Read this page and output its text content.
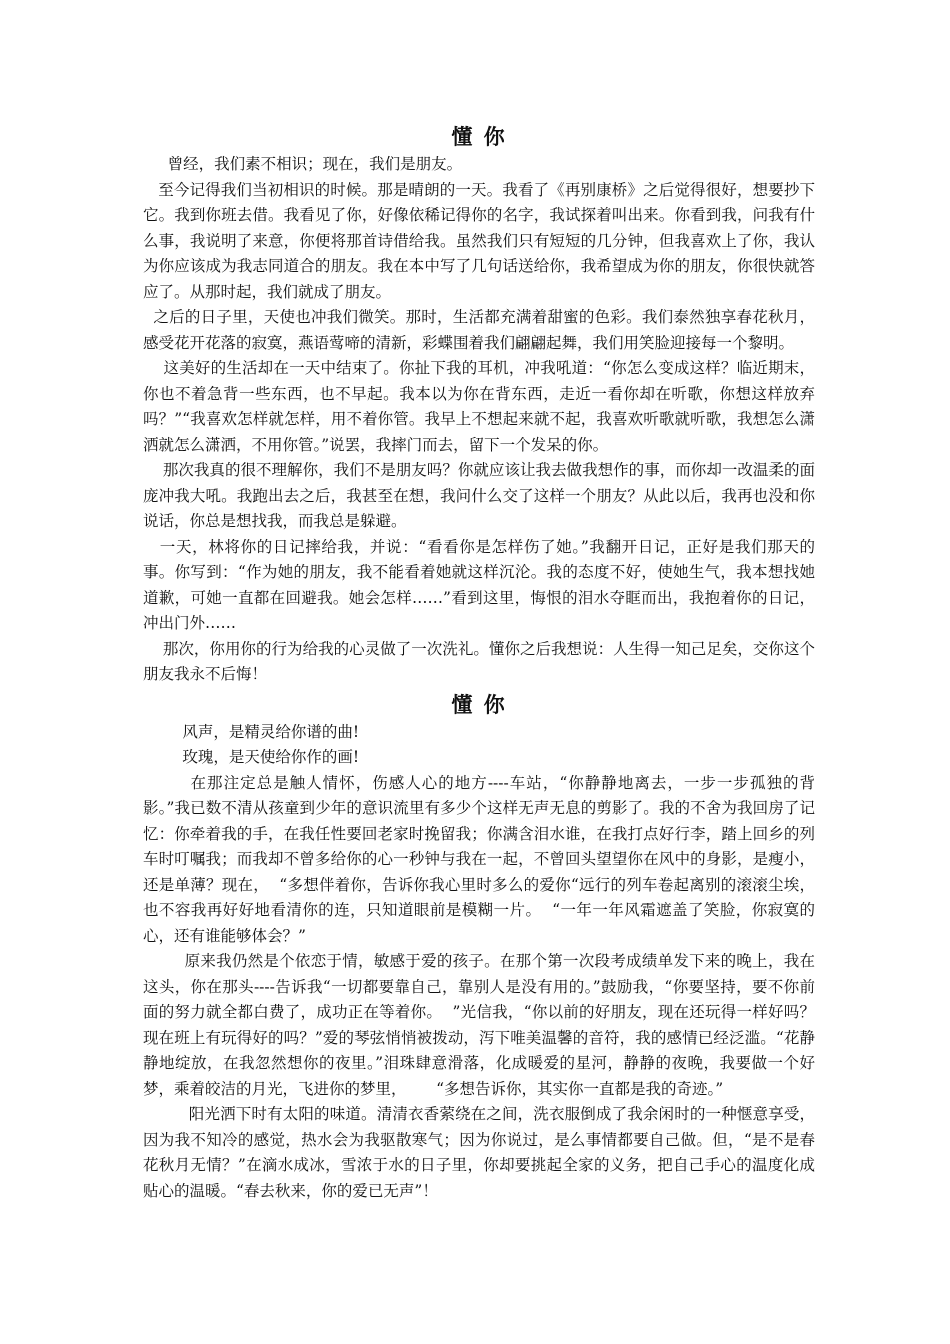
懂 你

曾经，我们素不相识；现在，我们是朋友。

至今记得我们当初相识的时候。那是晴朗的一天。我看了《再别康桥》之后觉得很好，想要抄下它。我到你班去借。我看见了你，好像依稀记得你的名字，我试探着叫出来。你看到我，问我有什么事，我说明了来意，你便将那首诗借给我。虽然我们只有短短的几分钟，但我喜欢上了你，我认为你应该成为我志同道合的朋友。我在本中写了几句话送给你，我希望成为你的朋友，你很快就答应了。从那时起，我们就成了朋友。

之后的日子里，天使也冲我们微笑。那时，生活都充满着甜蜜的色彩。我们泰然独享春花秋月，感受花开花落的寂寞，燕语莺啼的清新，彩蝶围着我们翩翩起舞，我们用笑脸迎接每一个黎明。

这美好的生活却在一天中结束了。你扯下我的耳机，冲我吼道：“你怎么变成这样？临近期末，你也不着急背一些东西，也不早起。我本以为你在背东西，走近一看你却在听歌，你想这样放弃吗？”“我喜欢怎样就怎样，用不着你管。我早上不想起来就不起，我喜欢听歌就听歌，我想怎么潇洒就怎么潇洒，不用你管。”说罢，我摔门而去，留下一个发呆的你。

那次我真的很不理解你，我们不是朋友吗？你就应该让我去做我想作的事，而你却一改温柔的面庞冲我大吼。我跑出去之后，我甚至在想，我问什么交了这样一个朋友？从此以后，我再也没和你说话，你总是想找我，而我总是躲避。

一天，林将你的日记摔给我，并说：“看看你是怎样伤了她。”我翻开日记，正好是我们那天的事。你写到：“作为她的朋友，我不能看着她就这样沉沦。我的态度不好，使她生气，我本想找她道歉，可她一直都在回避我。她会怎样……”看到这里，悔恨的泪水夺眶而出，我抱着你的日记，冲出门外……

那次，你用你的行为给我的心灵做了一次洗礼。懂你之后我想说：人生得一知己足矣，交你这个朋友我永不后悔！

懂 你

风声，是精灵给你谱的曲!

玫瑰，是天使给你作的画!

在那注定总是触人情怀，伤感人心的地方----车站，“你静静地离去，一步一步孤独的背影。”我已数不清从孩童到少年的意识流里有多少个这样无声无息的剪影了。我的不舍为我回房了记忆：你牵着我的手，在我任性要回老家时挽留我；你满含泪水谁，在我打点好行李，踏上回乡的列车时叮嘱我；而我却不曾多给你的心一秒钟与我在一起，不曾回头望望你在风中的身影，是瘦小，还是单薄？现在，  “多想伴着你，告诉你我心里时多么的爱你“远行的列车卷起离别的滚滚尘埃，也不容我再好好地看清你的连，只知道眼前是模糊一片。  “一年一年风霜遮盖了笑脸，你寂寞的心，还有谁能够体会？”

原来我仍然是个依恋于情，敏感于爱的孩子。在那个第一次段考成绩单发下来的晚上，我在这头，你在那头----告诉我“一切都要靠自己，靠别人是没有用的。”鼓励我，“你要坚持，要不你前面的努力就全都白费了，成功正在等着你。  ”光信我，“你以前的好朋友，现在还玩得一样好吗？现在班上有玩得好的吗？”爱的琴弦悄悄被拨动，泻下唯美温馨的音符，我的感情已经泛滥。“花静静地绽放，在我忽然想你的夜里。”泪珠肆意滑落，化成暖爱的星河，静静的夜晚，我要做一个好梦，乘着皎洁的月光，飞进你的梦里，      “多想告诉你，其实你一直都是我的奇迹。”

阳光洒下时有太阳的味道。清清衣香萦绕在之间，洗衣服倒成了我余闲时的一种惬意享受，因为我不知冷的感觉，热水会为我驱散寒气；因为你说过，是么事情都要自己做。但，“是不是春花秋月无情？”在滴水成冰，雪浓于水的日子里，你却要挑起全家的义务，把自己手心的温度化成贴心的温暖。“春去秋来，你的爱已无声”！
